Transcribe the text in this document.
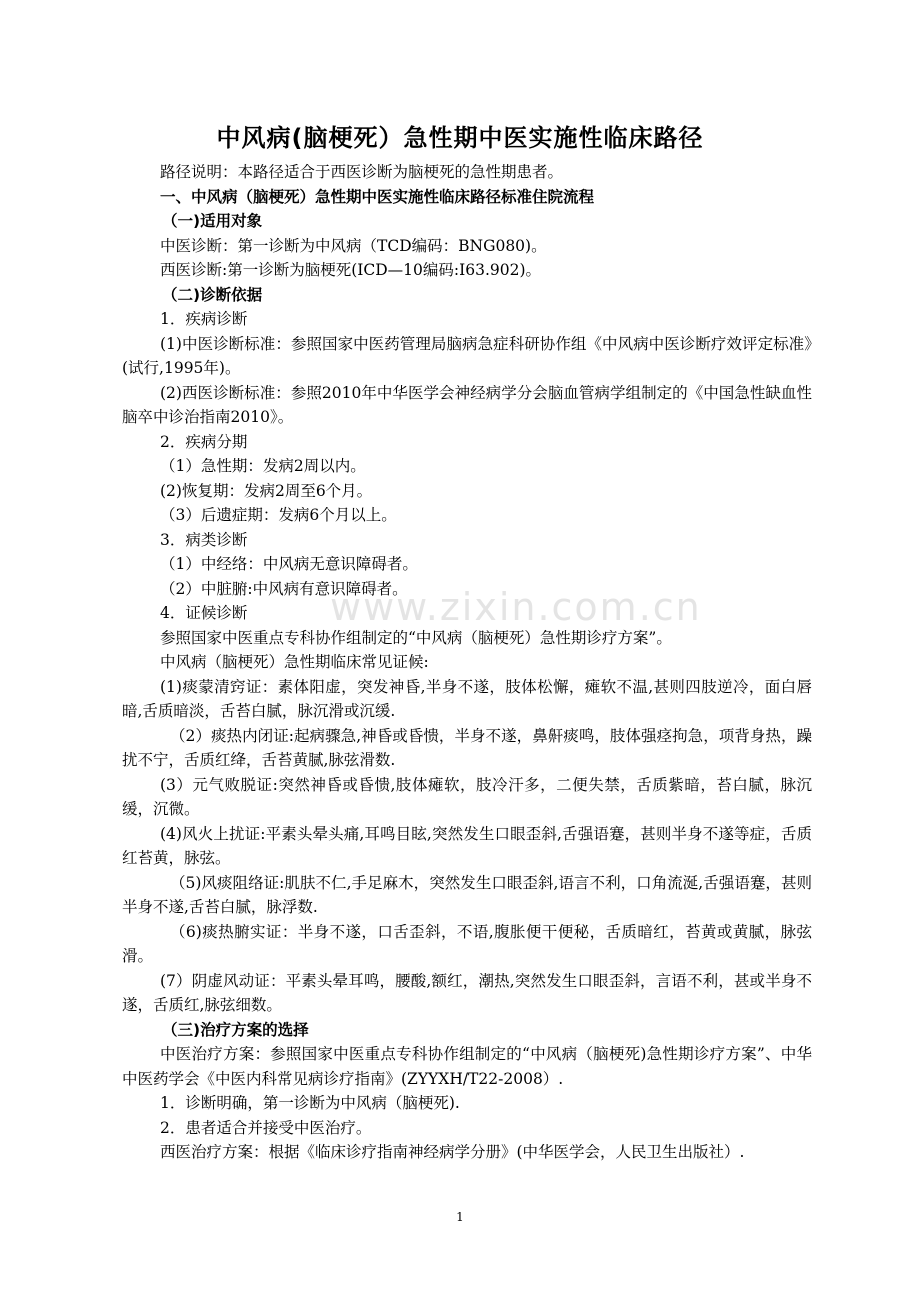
www.zixin.com.cn
中风病(脑梗死）急性期中医实施性临床路径
路径说明：本路径适合于西医诊断为脑梗死的急性期患者。
一、中风病（脑梗死）急性期中医实施性临床路径标准住院流程
（一)适用对象
中医诊断：第一诊断为中风病（TCD编码：BNG080)。
西医诊断:第一诊断为脑梗死(ICD—10编码:I63.902)。
（二)诊断依据
1．疾病诊断
(1)中医诊断标准：参照国家中医药管理局脑病急症科研协作组《中风病中医诊断疗效评定标准》(试行,1995年)。
(2)西医诊断标准：参照2010年中华医学会神经病学分会脑血管病学组制定的《中国急性缺血性脑卒中诊治指南2010》。
2．疾病分期
（1）急性期：发病2周以内。
(2)恢复期：发病2周至6个月。
（3）后遗症期：发病6个月以上。
3．病类诊断
（1）中经络：中风病无意识障碍者。
（2）中脏腑:中风病有意识障碍者。
4．证候诊断
参照国家中医重点专科协作组制定的“中风病（脑梗死）急性期诊疗方案”。
中风病（脑梗死）急性期临床常见证候:
(1)痰蒙清窍证：素体阳虚，突发神昏,半身不遂，肢体松懈，瘫软不温,甚则四肢逆冷，面白唇暗,舌质暗淡，舌苔白腻，脉沉滑或沉缓.
（2）痰热内闭证:起病骤急,神昏或昏愦，半身不遂，鼻鼾痰鸣，肢体强痉拘急，项背身热，躁扰不宁，舌质红绛，舌苔黄腻,脉弦滑数.
(3）元气败脱证:突然神昏或昏愦,肢体瘫软，肢冷汗多，二便失禁，舌质紫暗，苔白腻，脉沉缓，沉微。
(4)风火上扰证:平素头晕头痛,耳鸣目眩,突然发生口眼歪斜,舌强语蹇，甚则半身不遂等症，舌质红苔黄，脉弦。
（5)风痰阻络证:肌肤不仁,手足麻木，突然发生口眼歪斜,语言不利，口角流涎,舌强语蹇，甚则半身不遂,舌苔白腻，脉浮数.
（6)痰热腑实证：半身不遂，口舌歪斜，不语,腹胀便干便秘，舌质暗红，苔黄或黄腻，脉弦滑。
(7）阴虚风动证：平素头晕耳鸣，腰酸,额红，潮热,突然发生口眼歪斜，言语不利，甚或半身不遂，舌质红,脉弦细数。
（三)治疗方案的选择
中医治疗方案：参照国家中医重点专科协作组制定的“中风病（脑梗死)急性期诊疗方案”、中华中医药学会《中医内科常见病诊疗指南》(ZYYXH/T22-2008）.
1．诊断明确，第一诊断为中风病（脑梗死).
2．患者适合并接受中医治疗。
西医治疗方案：根据《临床诊疗指南神经病学分册》(中华医学会，人民卫生出版社）.
1
